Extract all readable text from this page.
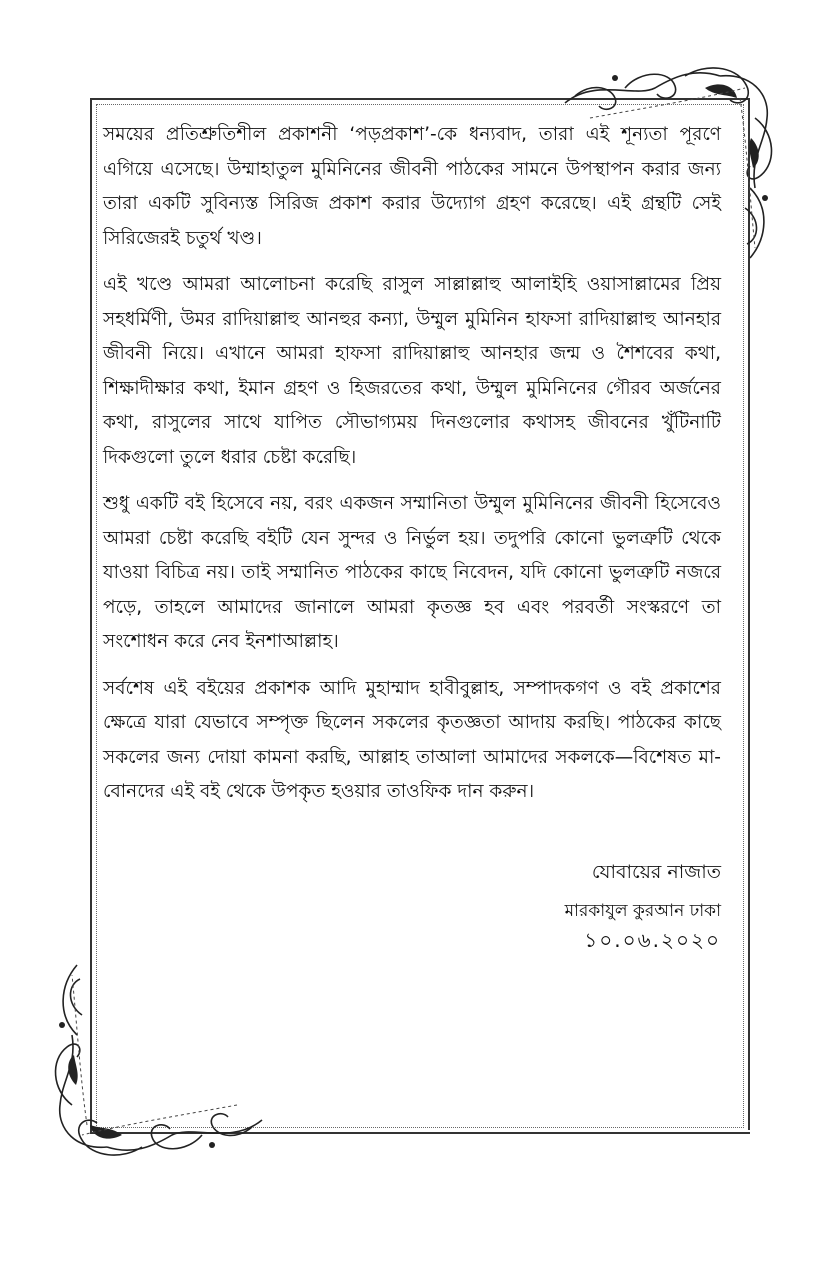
সময়ের প্রতিশ্রুতিশীল প্রকাশনী ‘পড়প্রকাশ’-কে ধন্যবাদ, তারা এই শূন্যতা পূরণে এগিয়ে এসেছে। উম্মাহাতুল মুমিনিনের জীবনী পাঠকের সামনে উপস্থাপন করার জন্য তারা একটি সুবিন্যস্ত সিরিজ প্রকাশ করার উদ্যোগ গ্রহণ করেছে। এই গ্রন্থটি সেই সিরিজেরই চতুর্থ খণ্ড।

এই খণ্ডে আমরা আলোচনা করেছি রাসুল সাল্লাল্লাহু আলাইহি ওয়াসাল্লামের প্রিয় সহধর্মিণী, উমর রাদিয়াল্লাহু আনহুর কন্যা, উম্মুল মুমিনিন হাফসা রাদিয়াল্লাহু আনহার জীবনী নিয়ে। এখানে আমরা হাফসা রাদিয়াল্লাহু আনহার জন্ম ও শৈশবের কথা, শিক্ষাদীক্ষার কথা, ইমান গ্রহণ ও হিজরতের কথা, উম্মুল মুমিনিনের গৌরব অর্জনের কথা, রাসুলের সাথে যাপিত সৌভাগ্যময় দিনগুলোর কথাসহ জীবনের খুঁটিনাটি দিকগুলো তুলে ধরার চেষ্টা করেছি।

শুধু একটি বই হিসেবে নয়, বরং একজন সম্মানিতা উম্মুল মুমিনিনের জীবনী হিসেবেও আমরা চেষ্টা করেছি বইটি যেন সুন্দর ও নির্ভুল হয়। তদুপরি কোনো ভুলত্রুটি থেকে যাওয়া বিচিত্র নয়। তাই সম্মানিত পাঠকের কাছে নিবেদন, যদি কোনো ভুলত্রুটি নজরে পড়ে, তাহলে আমাদের জানালে আমরা কৃতজ্ঞ হব এবং পরবর্তী সংস্করণে তা সংশোধন করে নেব ইনশাআল্লাহ।

সর্বশেষ এই বইয়ের প্রকাশক আদি মুহাম্মাদ হাবীবুল্লাহ, সম্পাদকগণ ও বই প্রকাশের ক্ষেত্রে যারা যেভাবে সম্পৃক্ত ছিলেন সকলের কৃতজ্ঞতা আদায় করছি। পাঠকের কাছে সকলের জন্য দোয়া কামনা করছি, আল্লাহ তাআলা আমাদের সকলকে—বিশেষত মা-বোনদের এই বই থেকে উপকৃত হওয়ার তাওফিক দান করুন।

যোবায়ের নাজাত
মারকাযুল কুরআন ঢাকা
১০.০৬.২০২০
